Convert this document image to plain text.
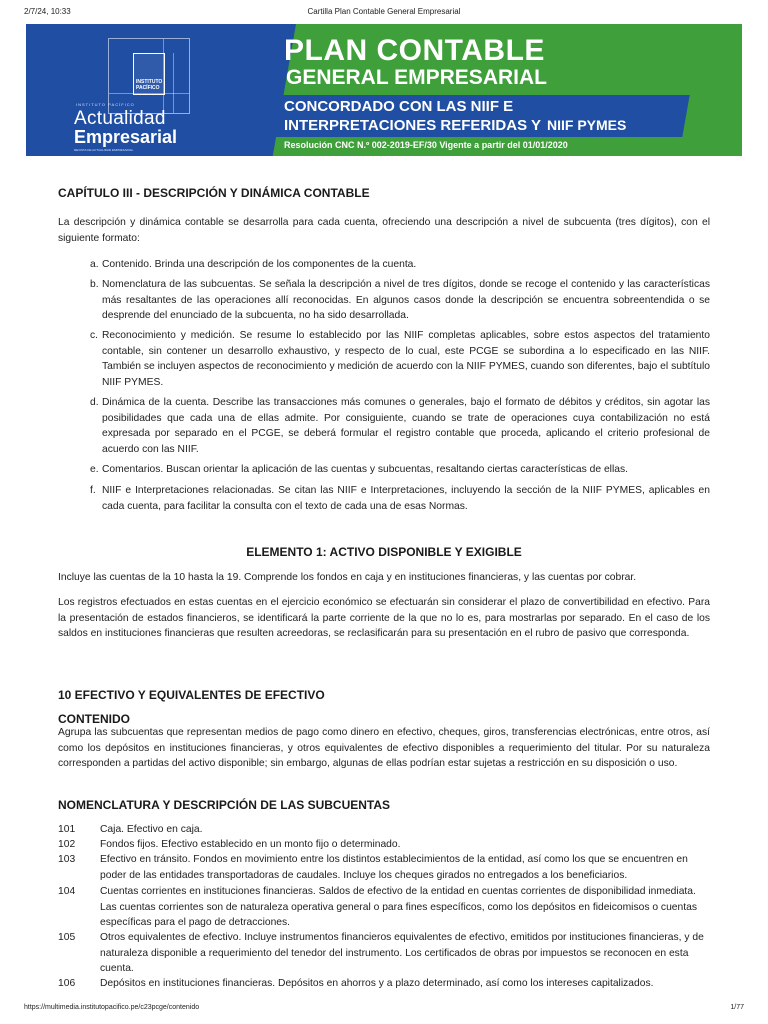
2/7/24, 10:33	Cartilla Plan Contable General Empresarial
INSTITUTO PACÍFICO
INSTITUTO PACÍFICO
Actualidad
Empresarial
REVISTA DE ACTUALIDAD EMPRESARIAL
PLAN CONTABLE
GENERAL EMPRESARIAL
CONCORDADO CON LAS NIIF E
INTERPRETACIONES REFERIDAS Y NIIF PYMES
Resolución CNC N.º 002-2019-EF/30 Vigente a partir del 01/01/2020
CAPÍTULO III - DESCRIPCIÓN Y DINÁMICA CONTABLE
La descripción y dinámica contable se desarrolla para cada cuenta, ofreciendo una descripción a nivel de subcuenta (tres dígitos), con el siguiente formato:
a. Contenido. Brinda una descripción de los componentes de la cuenta.
b. Nomenclatura de las subcuentas. Se señala la descripción a nivel de tres dígitos, donde se recoge el contenido y las características más resaltantes de las operaciones allí reconocidas. En algunos casos donde la descripción se encuentra sobreentendida o se desprende del enunciado de la subcuenta, no ha sido desarrollada.
c. Reconocimiento y medición. Se resume lo establecido por las NIIF completas aplicables, sobre estos aspectos del tratamiento contable, sin contener un desarrollo exhaustivo, y respecto de lo cual, este PCGE se subordina a lo especificado en las NIIF. También se incluyen aspectos de reconocimiento y medición de acuerdo con la NIIF PYMES, cuando son diferentes, bajo el subtítulo NIIF PYMES.
d. Dinámica de la cuenta. Describe las transacciones más comunes o generales, bajo el formato de débitos y créditos, sin agotar las posibilidades que cada una de ellas admite. Por consiguiente, cuando se trate de operaciones cuya contabilización no está expresada por separado en el PCGE, se deberá formular el registro contable que proceda, aplicando el criterio profesional de acuerdo con las NIIF.
e. Comentarios. Buscan orientar la aplicación de las cuentas y subcuentas, resaltando ciertas características de ellas.
f. NIIF e Interpretaciones relacionadas. Se citan las NIIF e Interpretaciones, incluyendo la sección de la NIIF PYMES, aplicables en cada cuenta, para facilitar la consulta con el texto de cada una de esas Normas.
ELEMENTO 1: ACTIVO DISPONIBLE Y EXIGIBLE
Incluye las cuentas de la 10 hasta la 19. Comprende los fondos en caja y en instituciones financieras, y las cuentas por cobrar.
Los registros efectuados en estas cuentas en el ejercicio económico se efectuarán sin considerar el plazo de convertibilidad en efectivo. Para la presentación de estados financieros, se identificará la parte corriente de la que no lo es, para mostrarlas por separado. En el caso de los saldos en instituciones financieras que resulten acreedoras, se reclasificarán para su presentación en el rubro de pasivo que corresponda.
10 EFECTIVO Y EQUIVALENTES DE EFECTIVO
CONTENIDO
Agrupa las subcuentas que representan medios de pago como dinero en efectivo, cheques, giros, transferencias electrónicas, entre otros, así como los depósitos en instituciones financieras, y otros equivalentes de efectivo disponibles a requerimiento del titular. Por su naturaleza corresponden a partidas del activo disponible; sin embargo, algunas de ellas podrían estar sujetas a restricción en su disposición o uso.
NOMENCLATURA Y DESCRIPCIÓN DE LAS SUBCUENTAS
101 Caja. Efectivo en caja.
102 Fondos fijos. Efectivo establecido en un monto fijo o determinado.
103 Efectivo en tránsito. Fondos en movimiento entre los distintos establecimientos de la entidad, así como los que se encuentren en poder de las entidades transportadoras de caudales. Incluye los cheques girados no entregados a los beneficiarios.
104 Cuentas corrientes en instituciones financieras. Saldos de efectivo de la entidad en cuentas corrientes de disponibilidad inmediata. Las cuentas corrientes son de naturaleza operativa general o para fines específicos, como los depósitos en fideicomisos o cuentas específicas para el pago de detracciones.
105 Otros equivalentes de efectivo. Incluye instrumentos financieros equivalentes de efectivo, emitidos por instituciones financieras, y de naturaleza disponible a requerimiento del tenedor del instrumento. Los certificados de obras por impuestos se reconocen en esta cuenta.
106 Depósitos en instituciones financieras. Depósitos en ahorros y a plazo determinado, así como los intereses capitalizados.
https://multimedia.institutopacifico.pe/c23pcge/contenido	1/77
